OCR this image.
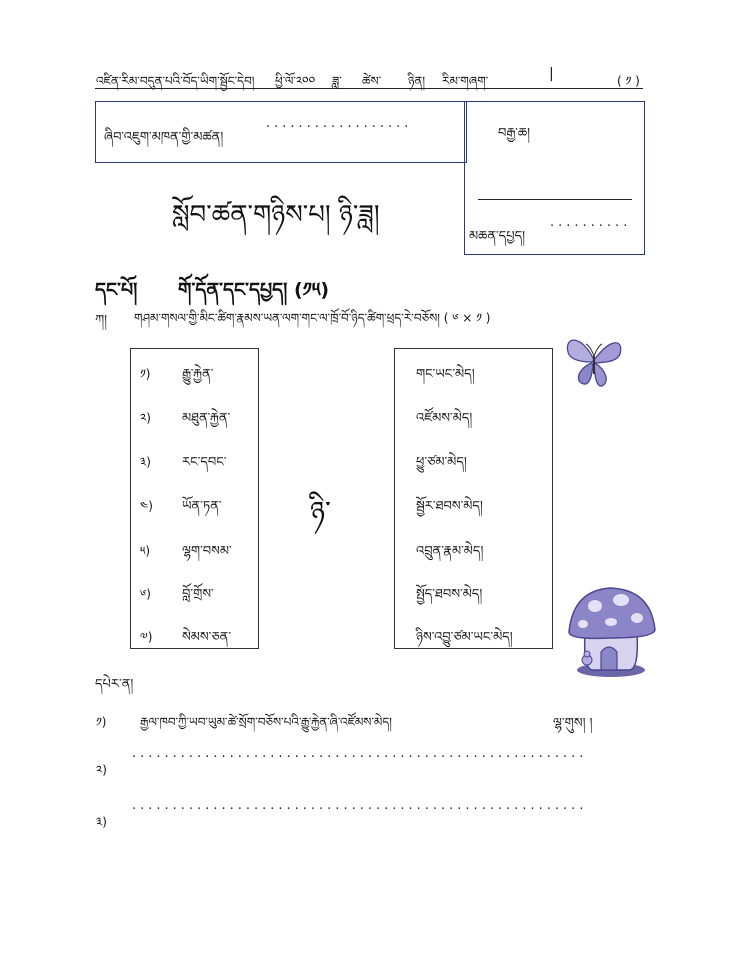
འཛིན་རིམ་བདུན་པའི་བོད་ཡིག་སྦྱོང་དེབ། ཕྱི་ལོ་༢༠༠ ཟླ་ ཚེས་ ཉིན། རིམ་གཞག་	|	( ༡ )
ཞིབ་འཇུག་མཁན་གྱི་མཚན།
··················	བརྒྱ་ཆ།
མཆན་དཔྱད།
··········
སློབ་ཚན་གཉིས་པ། ཉི་ཟླ།
དང་པོ། གོ་དོན་དང་དཔྱད། (༡༥)
ཀ། གཤམ་གསལ་གྱི་མིང་ཚིག་རྣམས་ཡན་ལག་གང་ལ་ཁྲོ་བོ་ཉིད་ཚིག་ཕྲད་རེ་བཅོས། ( ༦ × ༡ )
༡) རྒྱུ་རྐྱེན་
༢) མཐུན་རྐྱེན་
༣) རང་དབང་
༤) ཡོན་ཏན་
༥) ལྷག་བསམ་
༦) བློ་གྲོས་
༧) སེམས་ཅན་
ཉི་
གང་ཡང་མེད།
འཛོམས་མེད།
ཕྱུ་ཙམ་མེད།
སྦྱོར་ཐབས་མེད།
འབྲུན་རྣམ་མེད།
སྤྱོད་ཐབས་མེད།
ཉིས་འབྱུ་ཙམ་ཡང་མེད།
དཔེར་ན།
༡)	རྒྱལ་ཁབ་ཀྱི་ཡབ་ཡུམ་ཚེ་སྲོག་བཅོས་པའི་རྒྱུ་རྐྱེན་ཞི་འཛོམས་མེད།	ལྷ་གུས། །
༢)
························································
༣)
························································
